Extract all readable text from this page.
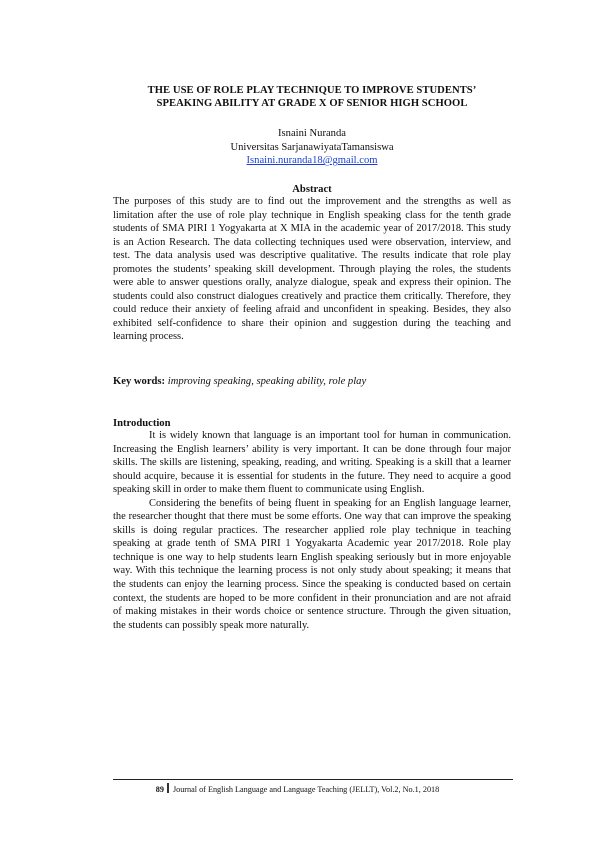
THE USE OF ROLE PLAY TECHNIQUE TO IMPROVE STUDENTS’
SPEAKING ABILITY AT GRADE X OF SENIOR HIGH SCHOOL
Isnaini Nuranda
Universitas SarjanawiyataTamansiswa
Isnaini.nuranda18@gmail.com
Abstract

The purposes of this study are to find out the improvement and the strengths as well as limitation after the use of role play technique in English speaking class for the tenth grade students of SMA PIRI 1 Yogyakarta at X MIA in the academic year of 2017/2018. This study is an Action Research. The data collecting techniques used were observation, interview, and test. The data analysis used was descriptive qualitative. The results indicate that role play promotes the students’ speaking skill development. Through playing the roles, the students were able to answer questions orally, analyze dialogue, speak and express their opinion. The students could also construct dialogues creatively and practice them critically. Therefore, they could reduce their anxiety of feeling afraid and unconfident in speaking. Besides, they also exhibited self-confidence to share their opinion and suggestion during the teaching and learning process.

Key words: improving speaking, speaking ability, role play
Introduction

It is widely known that language is an important tool for human in communication. Increasing the English learners’ ability is very important. It can be done through four major skills. The skills are listening, speaking, reading, and writing. Speaking is a skill that a learner should acquire, because it is essential for students in the future. They need to acquire a good speaking skill in order to make them fluent to communicate using English.

Considering the benefits of being fluent in speaking for an English language learner, the researcher thought that there must be some efforts. One way that can improve the speaking skills is doing regular practices. The researcher applied role play technique in teaching speaking at grade tenth of SMA PIRI 1 Yogyakarta Academic year 2017/2018. Role play technique is one way to help students learn English speaking seriously but in more enjoyable way. With this technique the learning process is not only study about speaking; it means that the students can enjoy the learning process. Since the speaking is conducted based on certain context, the students are hoped to be more confident in their pronunciation and are not afraid of making mistakes in their words choice or sentence structure. Through the given situation, the students can possibly speak more naturally.

89 Journal of English Language and Language Teaching (JELLT), Vol.2, No.1, 2018
